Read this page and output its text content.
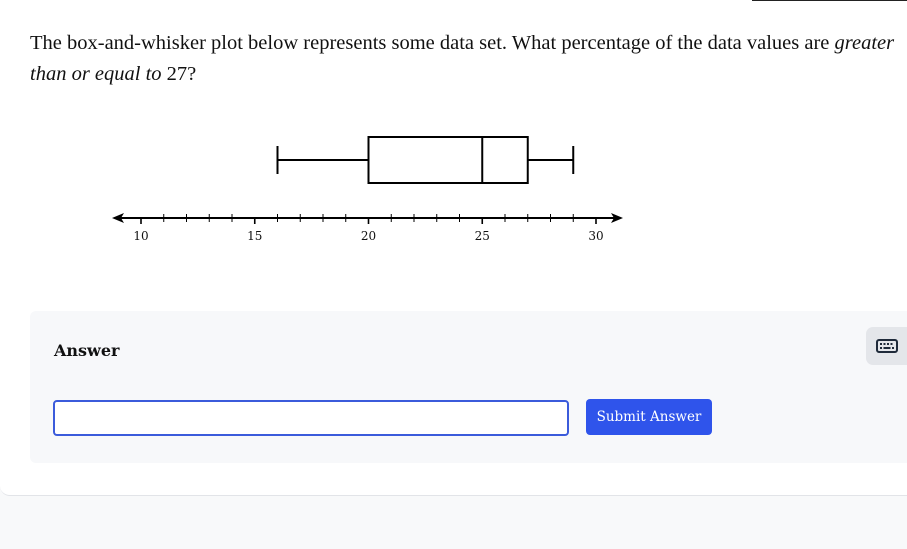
The box-and-whisker plot below represents some data set. What percentage of the data values are greater than or equal to 27?
10	15	20	25	30
Answer
Submit Answer
